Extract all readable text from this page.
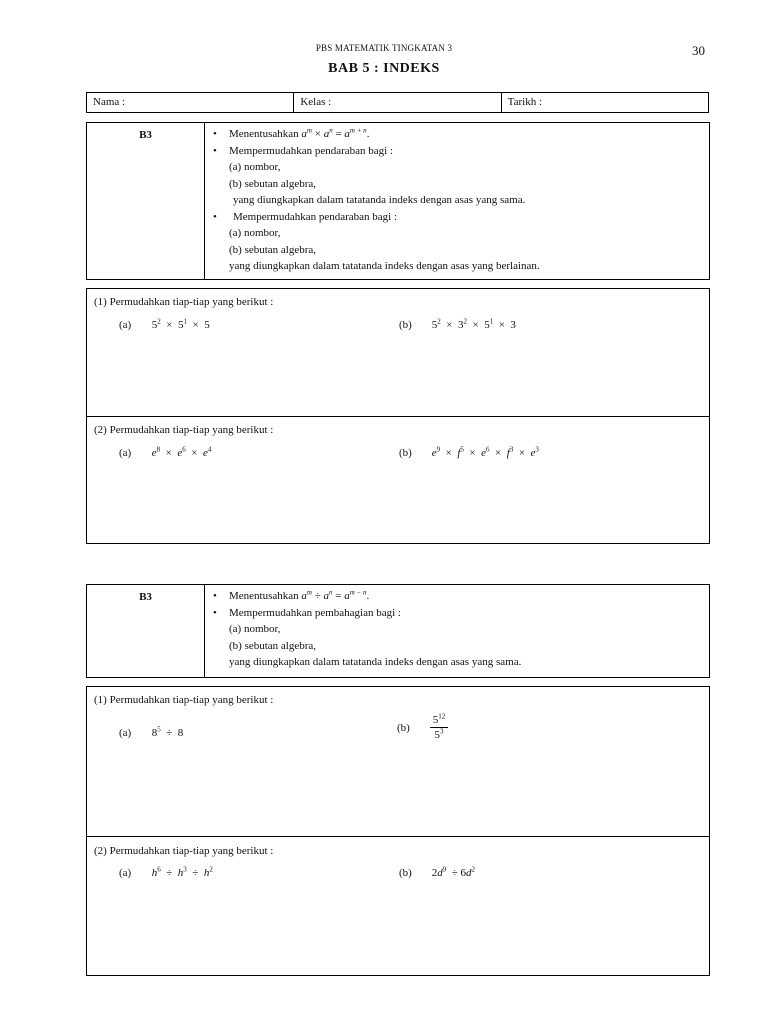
PBS MATEMATIK TINGKATAN 3	30
BAB 5 : INDEKS
Nama :	Kelas :	Tarikh :
B3	• Menentusahkan $a^m \times a^n = a^{m + n}$.
• Mempermudahkan pendaraban bagi :
(a) nombor,
(b) sebutan algebra,
yang diungkapkan dalam tatatanda indeks dengan asas yang sama.
• Mempermudahkan pendaraban bagi :
(a) nombor,
(b) sebutan algebra,
yang diungkapkan dalam tatatanda indeks dengan asas yang berlainan.
(1) Permudahkan tiap-tiap yang berikut :
(a) $5^2 \times 5^1 \times 5$	(b) $5^2 \times 3^2 \times 5^1 \times 3$
(2) Permudahkan tiap-tiap yang berikut :
(a) $e^8 \times e^6 \times e^4$	(b) $e^9 \times f^5 \times e^6 \times f^3 \times e^3$
B3	• Menentusahkan $a^m \div a^n = a^{m - n}$.
• Mempermudahkan pembahagian bagi :
(a) nombor,
(b) sebutan algebra,
yang diungkapkan dalam tatatanda indeks dengan asas yang sama.
(1) Permudahkan tiap-tiap yang berikut :
(a) $8^5 \div 8$	$(b) \frac{5^{12}}{5^3}$
(2) Permudahkan tiap-tiap yang berikut :
(a) $h^6 \div h^3 \div h^2$	(b) $2d^9 \div 6d^2$
